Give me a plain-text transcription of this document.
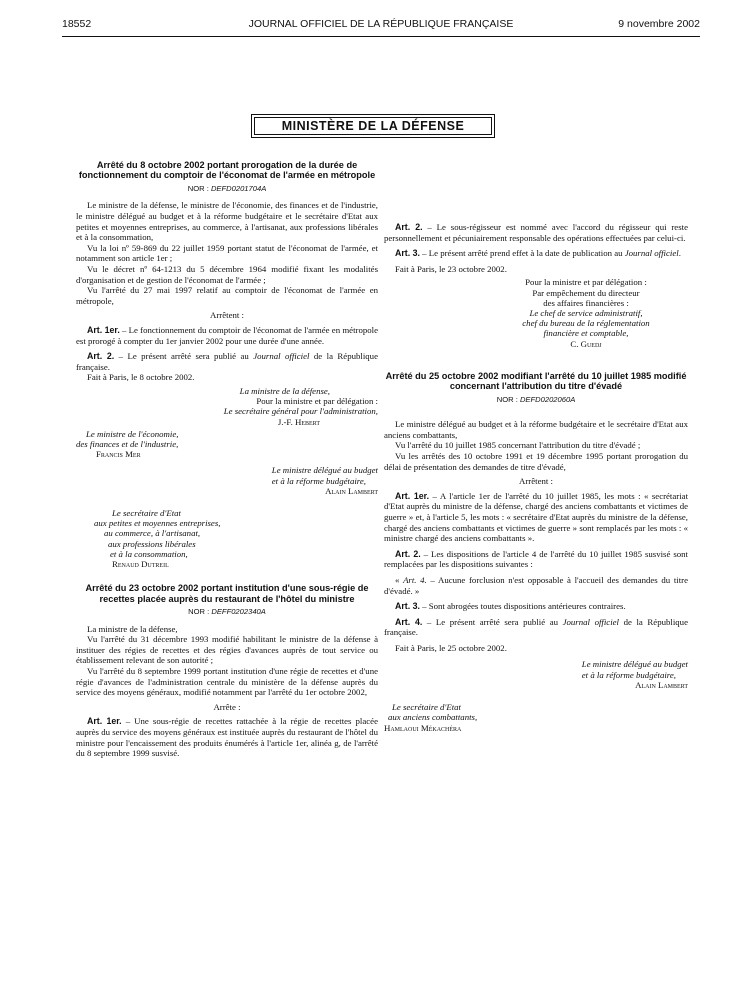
18552	JOURNAL OFFICIEL DE LA RÉPUBLIQUE FRANÇAISE	9 novembre 2002
MINISTÈRE DE LA DÉFENSE
Arrêté du 8 octobre 2002 portant prorogation de la durée de fonctionnement du comptoir de l'économat de l'armée en métropole
NOR : DEFD0201704A

Le ministre de la défense, le ministre de l'économie, des finances et de l'industrie, le ministre délégué au budget et à la réforme budgétaire et le secrétaire d'Etat aux petites et moyennes entreprises, au commerce, à l'artisanat, aux professions libérales et à la consommation,

Vu la loi nº 59-869 du 22 juillet 1959 portant statut de l'économat de l'armée, et notamment son article 1er ;

Vu le décret nº 64-1213 du 5 décembre 1964 modifié fixant les modalités d'organisation et de gestion de l'économat de l'armée ;

Vu l'arrêté du 27 mai 1997 relatif au comptoir de l'économat de l'armée en métropole,

Arrêtent :

Art. 1er. – Le fonctionnement du comptoir de l'économat de l'armée en métropole est prorogé à compter du 1er janvier 2002 pour une durée d'une année.

Art. 2. – Le présent arrêté sera publié au Journal officiel de la République française.

Fait à Paris, le 8 octobre 2002.

La ministre de la défense,
Pour la ministre et par délégation :
Le secrétaire général pour l'administration,
J.-F. Hebert
Le ministre de l'économie,
des finances et de l'industrie,
Francis Mer
Le ministre délégué au budget
et à la réforme budgétaire,
Alain Lambert
Le secrétaire d'Etat
aux petites et moyennes entreprises,
au commerce, à l'artisanat,
aux professions libérales
et à la consommation,
Renaud Dutreil
Arrêté du 23 octobre 2002 portant institution d'une sous-régie de recettes placée auprès du restaurant de l'hôtel du ministre
NOR : DEFF0202340A

La ministre de la défense,

Vu l'arrêté du 31 décembre 1993 modifié habilitant le ministre de la défense à instituer des régies de recettes et des régies d'avances auprès de tout service ou établissement relevant de son autorité ;

Vu l'arrêté du 8 septembre 1999 portant institution d'une régie de recettes et d'une régie d'avances de l'administration centrale du ministère de la défense auprès du service des moyens généraux, modifié notamment par l'arrêté du 1er octobre 2002,

Arrête :

Art. 1er. – Une sous-régie de recettes rattachée à la régie de recettes placée auprès du service des moyens généraux est instituée auprès du restaurant de l'hôtel du ministre pour l'encaissement des produits énumérés à l'article 1er, alinéa g, de l'arrêté du 8 septembre 1999 susvisé.

Art. 2. – Le sous-régisseur est nommé avec l'accord du régisseur qui reste personnellement et pécuniairement responsable des opérations effectuées par celui-ci.

Art. 3. – Le présent arrêté prend effet à la date de publication au Journal officiel.

Fait à Paris, le 23 octobre 2002.

Pour la ministre et par délégation :
Par empêchement du directeur
des affaires financières :
Le chef de service administratif,
chef du bureau de la réglementation
financière et comptable,
C. Guedj
Arrêté du 25 octobre 2002 modifiant l'arrêté du 10 juillet 1985 modifié concernant l'attribution du titre d'évadé
NOR : DEFD0202060A

Le ministre délégué au budget et à la réforme budgétaire et le secrétaire d'Etat aux anciens combattants,

Vu l'arrêté du 10 juillet 1985 concernant l'attribution du titre d'évadé ;

Vu les arrêtés des 10 octobre 1991 et 19 décembre 1995 portant prorogation du délai de présentation des demandes de titre d'évadé,

Arrêtent :

Art. 1er. – A l'article 1er de l'arrêté du 10 juillet 1985, les mots : « secrétariat d'Etat auprès du ministre de la défense, chargé des anciens combattants et victimes de guerre » et, à l'article 5, les mots : « secrétaire d'Etat auprès du ministre de la défense, chargé des anciens combattants et victimes de guerre » sont remplacés par les mots : « ministre chargé des anciens combattants ».

Art. 2. – Les dispositions de l'article 4 de l'arrêté du 10 juillet 1985 susvisé sont remplacées par les dispositions suivantes :

« Art. 4. – Aucune forclusion n'est opposable à l'accueil des demandes du titre d'évadé. »

Art. 3. – Sont abrogées toutes dispositions antérieures contraires.

Art. 4. – Le présent arrêté sera publié au Journal officiel de la République française.

Fait à Paris, le 25 octobre 2002.

Le ministre délégué au budget
et à la réforme budgétaire,
Alain Lambert
Le secrétaire d'Etat
aux anciens combattants,
Hamlaoui Mékachéra
